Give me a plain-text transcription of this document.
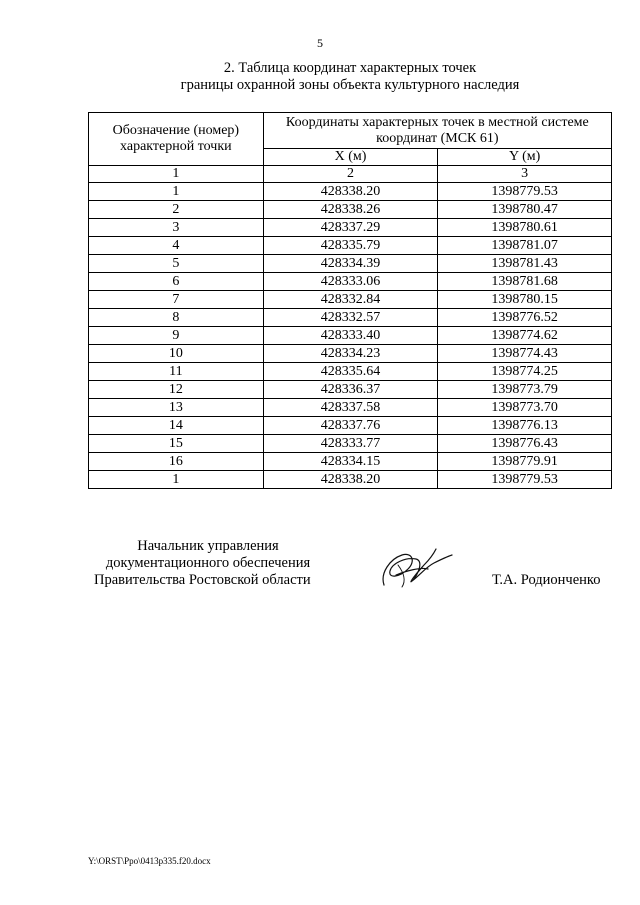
5
2. Таблица координат характерных точек
границы охранной зоны объекта культурного наследия
Обозначение (номер) характерной точки	Координаты характерных точек в местной системе координат (МСК 61)	
	X (м)	Y (м)
1	2	3
1	428338.20	1398779.53
2	428338.26	1398780.47
3	428337.29	1398780.61
4	428335.79	1398781.07
5	428334.39	1398781.43
6	428333.06	1398781.68
7	428332.84	1398780.15
8	428332.57	1398776.52
9	428333.40	1398774.62
10	428334.23	1398774.43
11	428335.64	1398774.25
12	428336.37	1398773.79
13	428337.58	1398773.70
14	428337.76	1398776.13
15	428333.77	1398776.43
16	428334.15	1398779.91
1	428338.20	1398779.53
Начальник управления
документационного обеспечения
Правительства Ростовской области	Т.А. Родионченко
Y:\ORST\Ppo\0413p335.f20.docx
